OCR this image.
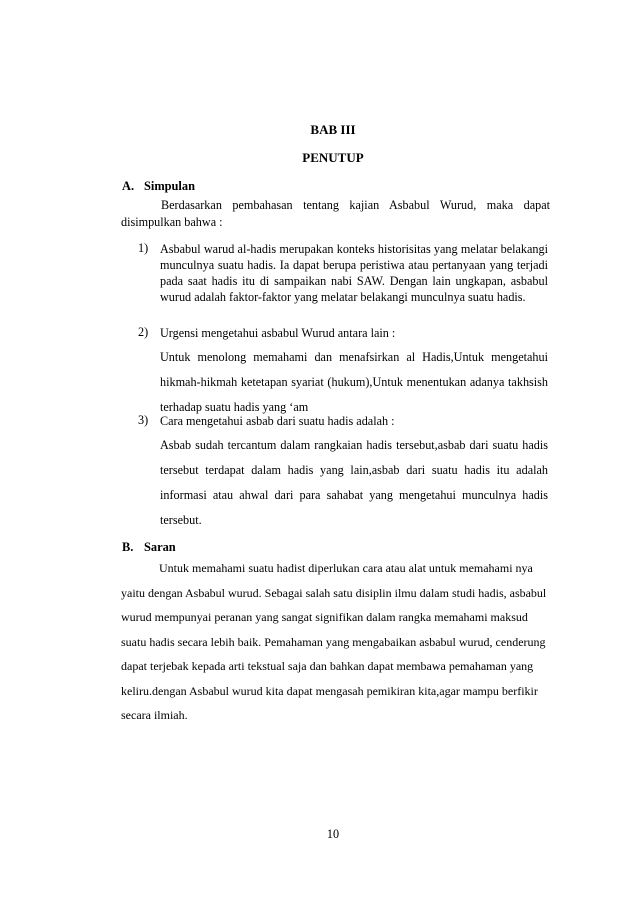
BAB III
PENUTUP
A. Simpulan

Berdasarkan pembahasan tentang kajian Asbabul Wurud, maka dapat disimpulkan bahwa :

1) Asbabul warud al-hadis merupakan konteks historisitas yang melatar belakangi munculnya suatu hadis. Ia dapat berupa peristiwa atau pertanyaan yang terjadi pada saat hadis itu di sampaikan nabi SAW. Dengan lain ungkapan, asbabul wurud adalah faktor-faktor yang melatar belakangi munculnya suatu hadis.

2) Urgensi mengetahui asbabul Wurud antara lain :

Untuk menolong memahami dan menafsirkan al Hadis,Untuk mengetahui hikmah-hikmah ketetapan syariat (hukum),Untuk menentukan adanya takhsish terhadap suatu hadis yang ‘am

3) Cara mengetahui asbab dari suatu hadis adalah :

Asbab sudah tercantum dalam rangkaian hadis tersebut,asbab dari suatu hadis tersebut terdapat dalam hadis yang lain,asbab dari suatu hadis itu adalah informasi atau ahwal dari para sahabat yang mengetahui munculnya hadis tersebut.

B. Saran

Untuk memahami suatu hadist diperlukan cara atau alat untuk memahami nya yaitu dengan Asbabul wurud. Sebagai salah satu disiplin ilmu dalam studi hadis, asbabul wurud mempunyai peranan yang sangat signifikan dalam rangka memahami maksud suatu hadis secara lebih baik. Pemahaman yang mengabaikan asbabul wurud, cenderung dapat terjebak kepada arti tekstual saja dan bahkan dapat membawa pemahaman yang keliru.dengan Asbabul wurud kita dapat mengasah pemikiran kita,agar mampu berfikir secara ilmiah.

10
